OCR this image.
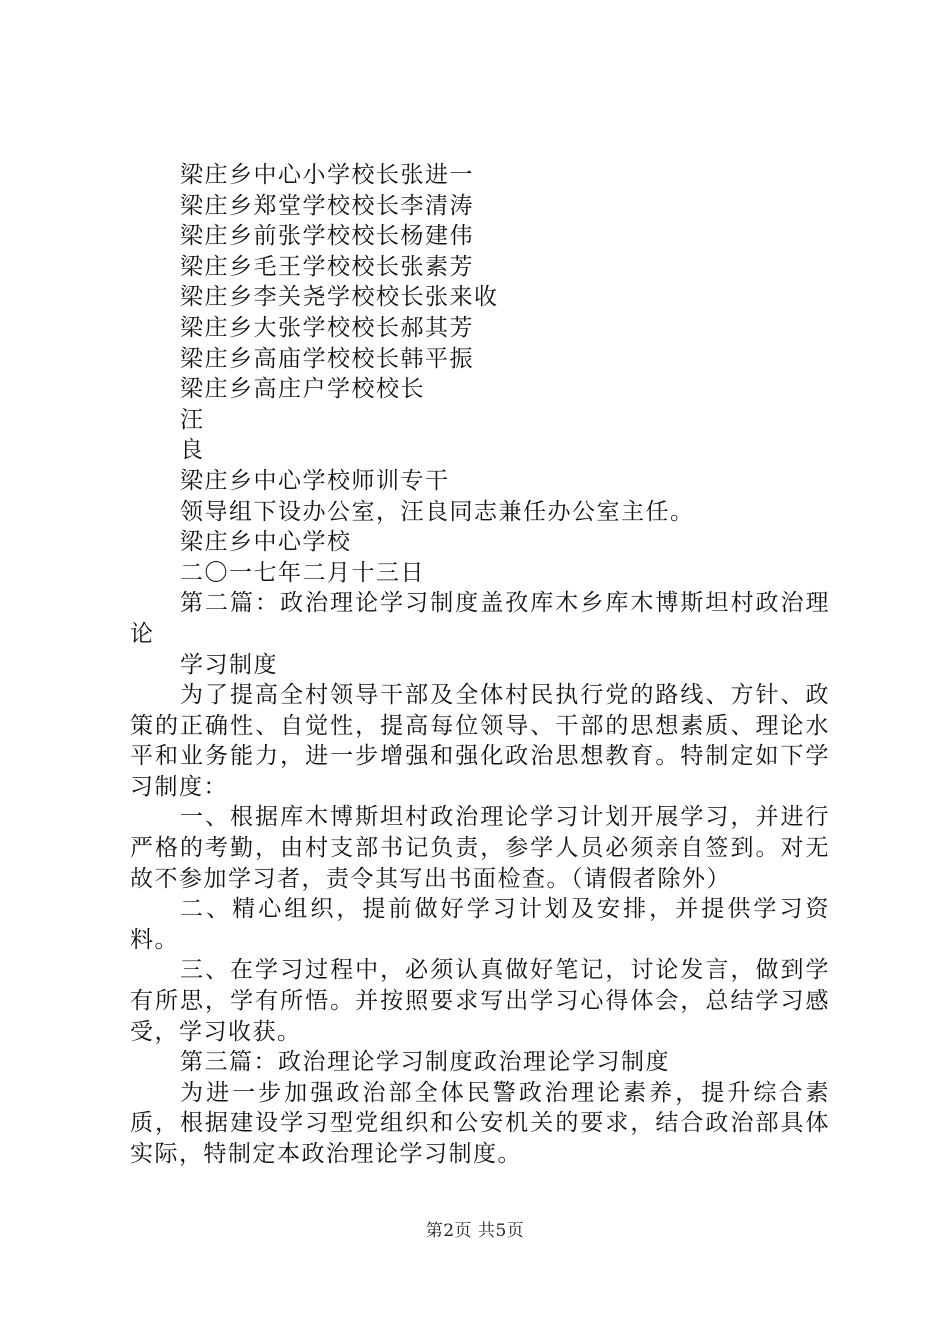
梁庄乡中心小学校长张进一
梁庄乡郑堂学校校长李清涛
梁庄乡前张学校校长杨建伟
梁庄乡毛王学校校长张素芳
梁庄乡李关尧学校校长张来收
梁庄乡大张学校校长郝其芳
梁庄乡高庙学校校长韩平振
梁庄乡高庄户学校校长
汪
良
梁庄乡中心学校师训专干
领导组下设办公室，汪良同志兼任办公室主任。
梁庄乡中心学校
二〇一七年二月十三日

第二篇：政治理论学习制度盖孜库木乡库木博斯坦村政治理论

学习制度

为了提高全村领导干部及全体村民执行党的路线、方针、政策的正确性、自觉性，提高每位领导、干部的思想素质、理论水平和业务能力，进一步增强和强化政治思想教育。特制定如下学习制度：

一、根据库木博斯坦村政治理论学习计划开展学习，并进行严格的考勤，由村支部书记负责，参学人员必须亲自签到。对无故不参加学习者，责令其写出书面检查。（请假者除外）

二、精心组织，提前做好学习计划及安排，并提供学习资料。

三、在学习过程中，必须认真做好笔记，讨论发言，做到学有所思，学有所悟。并按照要求写出学习心得体会，总结学习感受，学习收获。

第三篇：政治理论学习制度政治理论学习制度

为进一步加强政治部全体民警政治理论素养，提升综合素质，根据建设学习型党组织和公安机关的要求，结合政治部具体实际，特制定本政治理论学习制度。

第2页 共5页
